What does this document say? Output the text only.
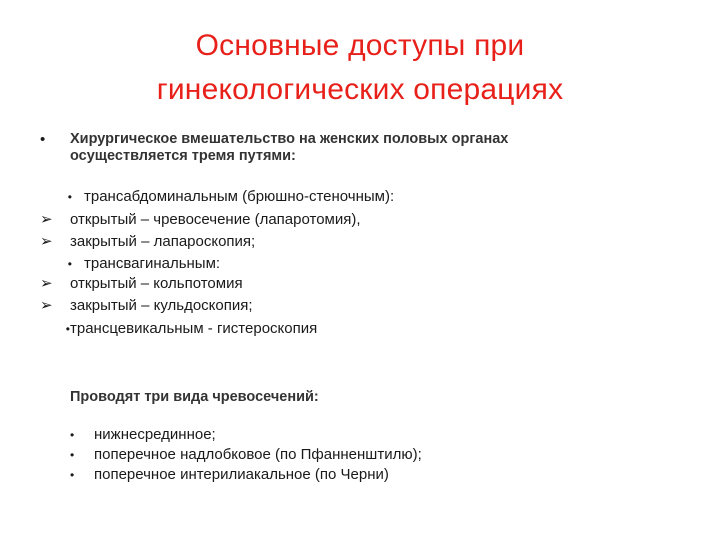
Основные доступы при
гинекологических операциях
• Хирургическое вмешательство на женских половых органах
осуществляется тремя путями:
• трансабдоминальным (брюшно-стеночным):
➢ открытый – чревосечение (лапаротомия),
➢ закрытый – лапароскопия;
• трансвагинальным:
➢ открытый – кольпотомия
➢ закрытый – кульдоскопия;
•трансцевикальным - гистероскопия
Проводят три вида чревосечений:
• нижнесрединное;
• поперечное надлобковое (по Пфанненштилю);
• поперечное интерилиакальное (по Черни)
